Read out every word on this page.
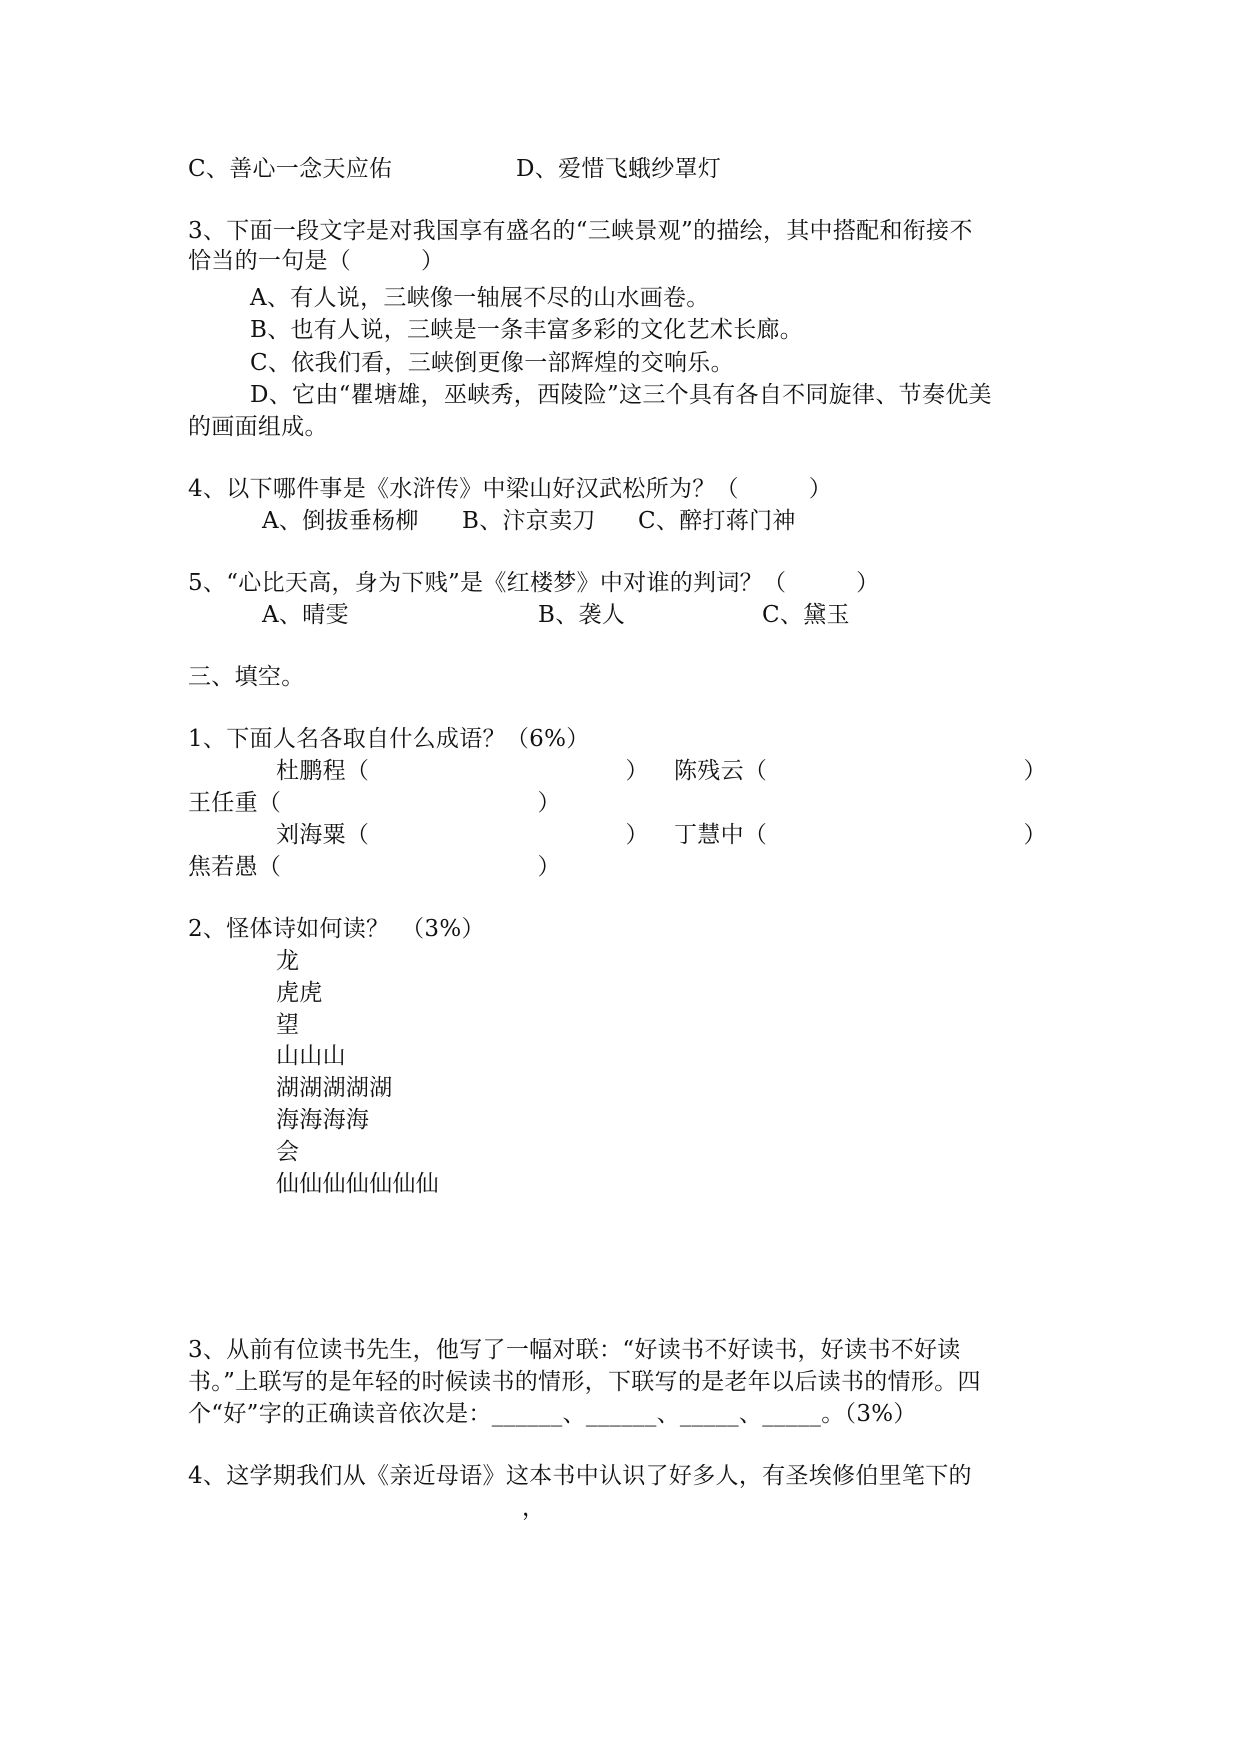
C、善心一念天应佑	D、爱惜飞蛾纱罩灯
3、下面一段文字是对我国享有盛名的“三峡景观”的描绘，其中搭配和衔接不
恰当的一句是（　　　）
A、有人说，三峡像一轴展不尽的山水画卷。
B、也有人说，三峡是一条丰富多彩的文化艺术长廊。
C、依我们看，三峡倒更像一部辉煌的交响乐。
D、它由“瞿塘雄，巫峡秀，西陵险”这三个具有各自不同旋律、节奏优美
的画面组成。
4、以下哪件事是《水浒传》中梁山好汉武松所为？（　　　）
A、倒拔垂杨柳 B、汴京卖刀 C、醉打蒋门神
5、“心比天高，身为下贱”是《红楼梦》中对谁的判词？（　　　）
A、晴雯	B、袭人	C、黛玉
三、填空。
1、下面人名各取自什么成语？（6%）
杜鹏程（　　　　　　　　　　　） 陈残云（　　　　　　　　　　　）
王任重（　　　　　　　　　　　）
刘海粟（　　　　　　　　　　　） 丁慧中（　　　　　　　　　　　）
焦若愚（　　　　　　　　　　　）
2、怪体诗如何读？　（3%）
龙
虎虎
望
山山山
湖湖湖湖湖
海海海海
会
仙仙仙仙仙仙仙
3、从前有位读书先生，他写了一幅对联：“好读书不好读书，好读书不好读
书。”上联写的是年轻的时候读书的情形，下联写的是老年以后读书的情形。四
个“好”字的正确读音依次是：______、______、_____、_____。（3%）
4、这学期我们从《亲近母语》这本书中认识了好多人，有圣埃修伯里笔下的
，
